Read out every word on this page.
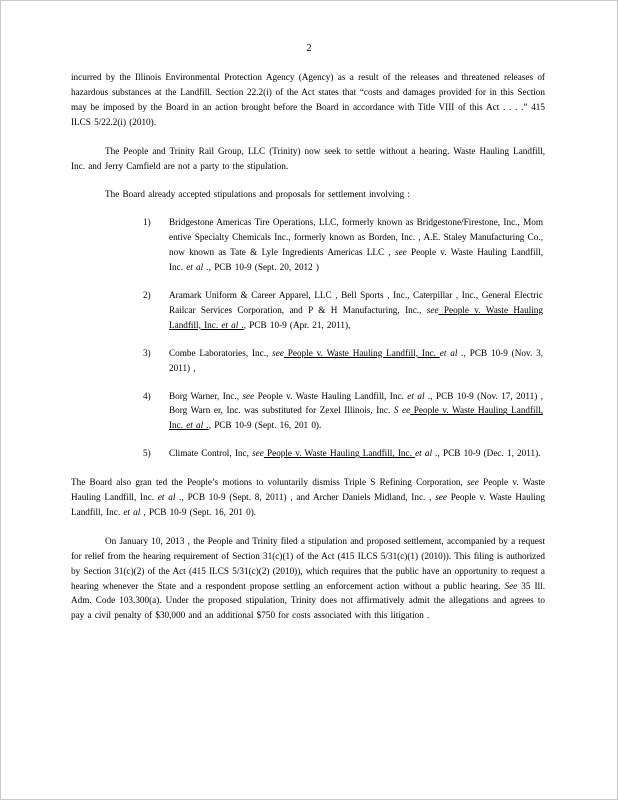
2

incurred by the Illinois Environmental Protection Agency (Agency) as a result of the releases and threatened releases of hazardous substances at the Landfill. Section 22.2(i) of the Act states that “costs and damages provided for in this Section may be imposed by the Board in an action brought before the Board in accordance with Title VIII of this Act . . . .” 415 ILCS 5/22.2(i) (2010).

The People and Trinity Rail Group, LLC (Trinity) now seek to settle without a hearing. Waste Hauling Landfill, Inc. and Jerry Camfield are not a party to the stipulation.

The Board already accepted stipulations and proposals for settlement involving :

1)	Bridgestone Americas Tire Operations, LLC, formerly known as Bridgestone/Firestone, Inc., Mom entive Specialty Chemicals Inc., formerly known as Borden, Inc. , A.E. Staley Manufacturing Co., now known as Tate & Lyle Ingredients Americas LLC , see People v. Waste Hauling Landfill, Inc. et al ., PCB 10-9 (Sept. 20, 2012 )
2)	Aramark Uniform & Career Apparel, LLC , Bell Sports , Inc., Caterpillar , Inc., General Electric Railcar Services Corporation, and P & H Manufacturing, Inc., see People v. Waste Hauling Landfill, Inc. et al ., PCB 10-9 (Apr. 21, 2011),
3)	Combe Laboratories, Inc., see People v. Waste Hauling Landfill, Inc. et al ., PCB 10-9 (Nov. 3, 2011) ,
4)	Borg Warner, Inc., see People v. Waste Hauling Landfill, Inc. et al ., PCB 10-9 (Nov. 17, 2011) , Borg Warn er, Inc. was substituted for Zexel Illinois, Inc. S ee People v. Waste Hauling Landfill, Inc. et al ., PCB 10-9 (Sept. 16, 201 0).
5)	Climate Control, Inc, see People v. Waste Hauling Landfill, Inc. et al ., PCB 10-9 (Dec. 1, 2011).

The Board also gran ted the People’s motions to voluntarily dismiss Triple S Refining Corporation, see People v. Waste Hauling Landfill, Inc. et al ., PCB 10-9 (Sept. 8, 2011) , and Archer Daniels Midland, Inc. , see People v. Waste Hauling Landfill, Inc. et al , PCB 10-9 (Sept. 16, 201 0).

On January 10, 2013 , the People and Trinity filed a stipulation and proposed settlement, accompanied by a request for relief from the hearing requirement of Section 31(c)(1) of the Act (415 ILCS 5/31(c)(1) (2010)). This filing is authorized by Section 31(c)(2) of the Act (415 ILCS 5/31(c)(2) (2010)), which requires that the public have an opportunity to request a hearing whenever the State and a respondent propose settling an enforcement action without a public hearing. See 35 Ill. Adm. Code 103.300(a). Under the proposed stipulation, Trinity does not affirmatively admit the allegations and agrees to pay a civil penalty of $30,000 and an additional $750 for costs associated with this litigation .
